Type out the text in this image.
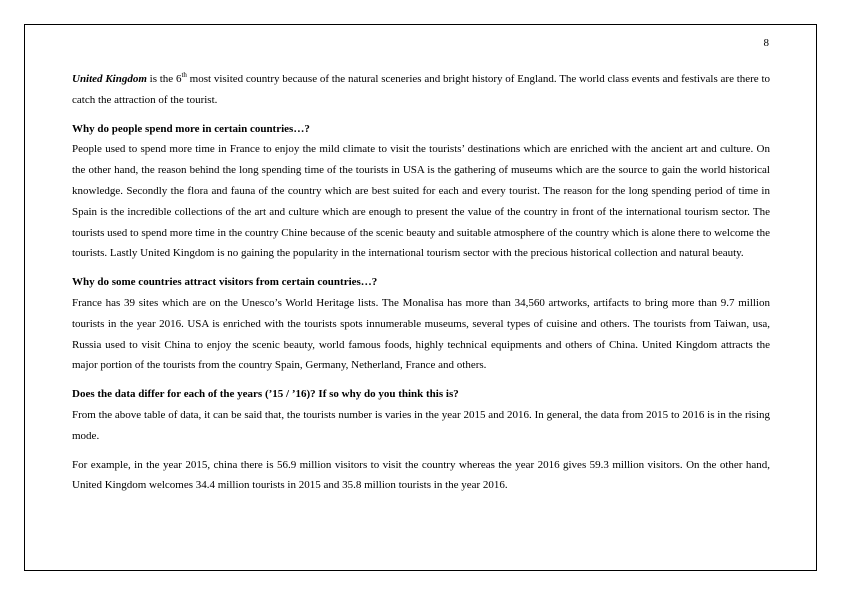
8

United Kingdom is the 6th most visited country because of the natural sceneries and bright history of England. The world class events and festivals are there to catch the attraction of the tourist.

Why do people spend more in certain countries…?

People used to spend more time in France to enjoy the mild climate to visit the tourists’ destinations which are enriched with the ancient art and culture. On the other hand, the reason behind the long spending time of the tourists in USA is the gathering of museums which are the source to gain the world historical knowledge. Secondly the flora and fauna of the country which are best suited for each and every tourist. The reason for the long spending period of time in Spain is the incredible collections of the art and culture which are enough to present the value of the country in front of the international tourism sector. The tourists used to spend more time in the country Chine because of the scenic beauty and suitable atmosphere of the country which is alone there to welcome the tourists. Lastly United Kingdom is no gaining the popularity in the international tourism sector with the precious historical collection and natural beauty.

Why do some countries attract visitors from certain countries…?

France has 39 sites which are on the Unesco’s World Heritage lists. The Monalisa has more than 34,560 artworks, artifacts to bring more than 9.7 million tourists in the year 2016. USA is enriched with the tourists spots innumerable museums, several types of cuisine and others. The tourists from Taiwan, usa, Russia used to visit China to enjoy the scenic beauty, world famous foods, highly technical equipments and others of China. United Kingdom attracts the major portion of the tourists from the country Spain, Germany, Netherland, France and others.

Does the data differ for each of the years (’15 / ’16)? If so why do you think this is?

From the above table of data, it can be said that, the tourists number is varies in the year 2015 and 2016. In general, the data from 2015 to 2016 is in the rising mode.

For example, in the year 2015, china there is 56.9 million visitors to visit the country whereas the year 2016 gives 59.3 million visitors. On the other hand, United Kingdom welcomes 34.4 million tourists in 2015 and 35.8 million tourists in the year 2016.
